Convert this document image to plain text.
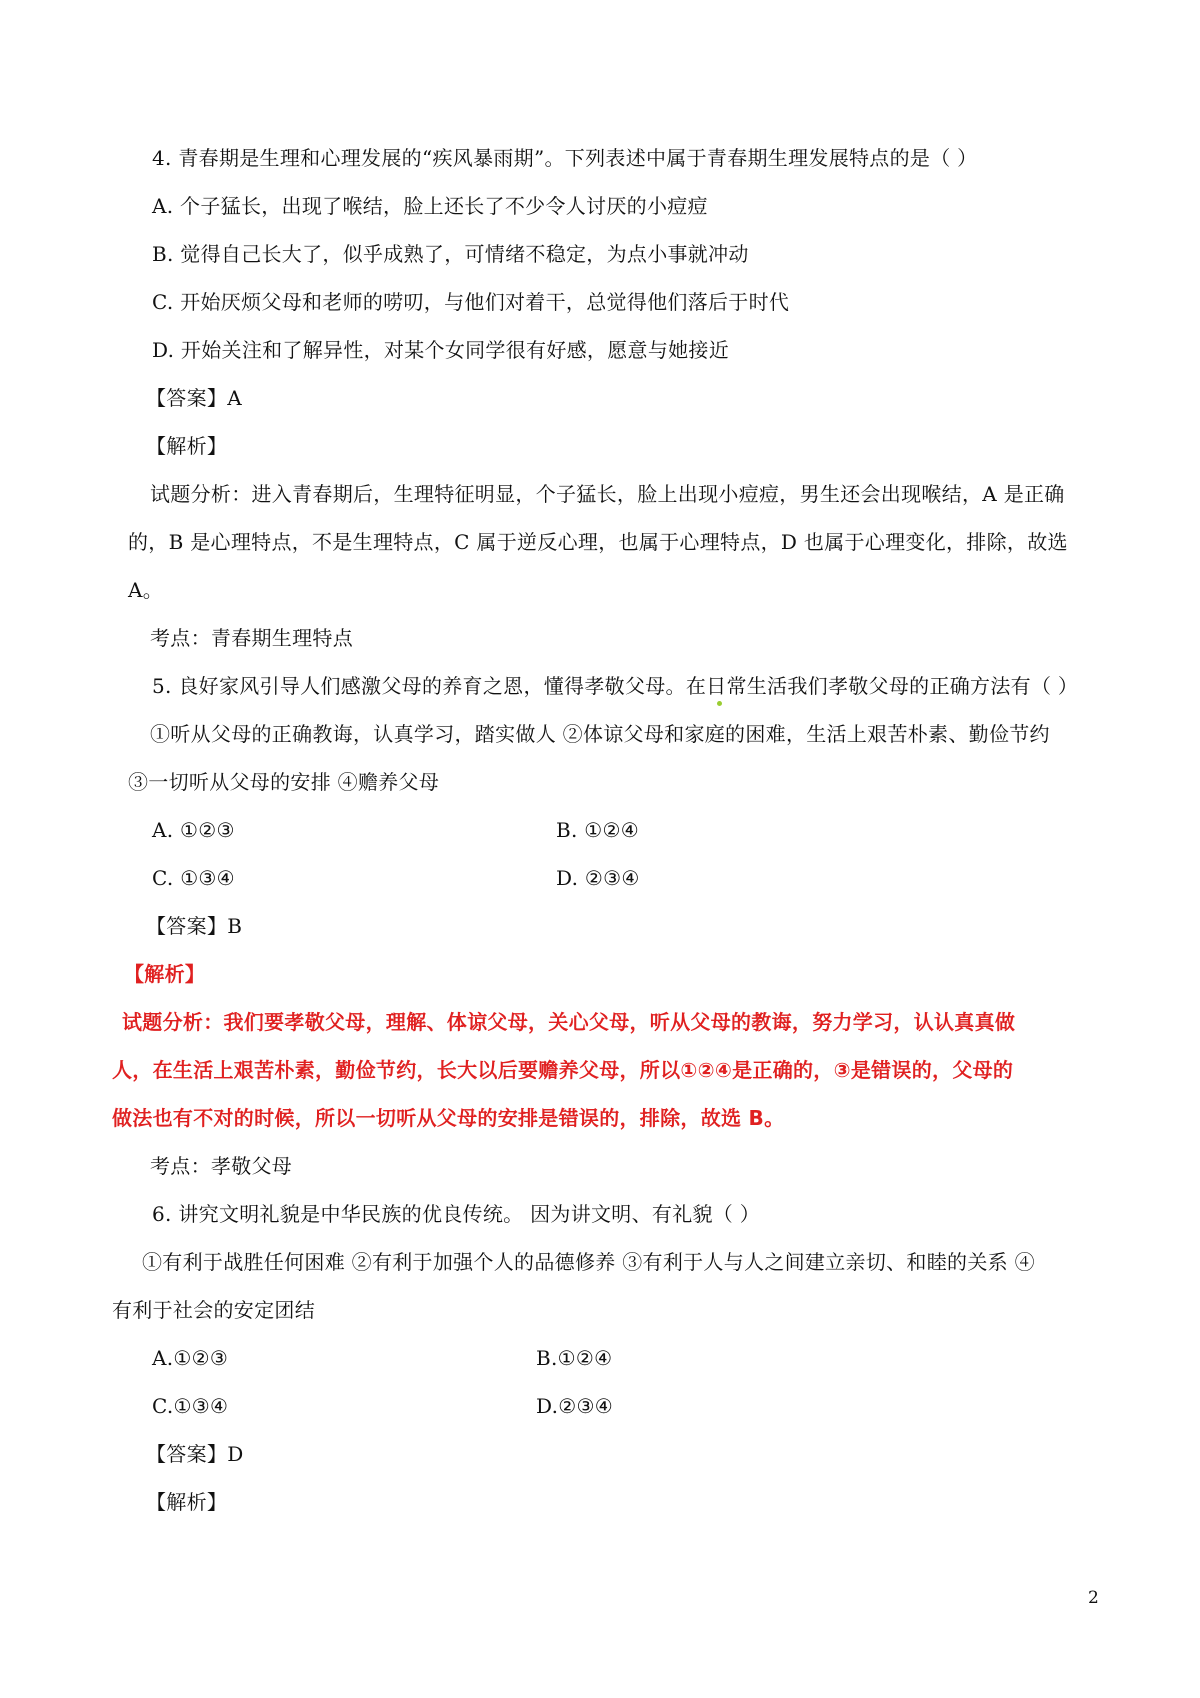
4. 青春期是生理和心理发展的“疾风暴雨期”。下列表述中属于青春期生理发展特点的是（ ）
A. 个子猛长，出现了喉结，脸上还长了不少令人讨厌的小痘痘
B. 觉得自己长大了，似乎成熟了，可情绪不稳定，为点小事就冲动
C. 开始厌烦父母和老师的唠叨，与他们对着干，总觉得他们落后于时代
D. 开始关注和了解异性，对某个女同学很有好感，愿意与她接近
【答案】A
【解析】
试题分析：进入青春期后，生理特征明显，个子猛长，脸上出现小痘痘，男生还会出现喉结，A 是正确
的，B 是心理特点，不是生理特点，C 属于逆反心理，也属于心理特点，D 也属于心理变化，排除，故选
A。
考点：青春期生理特点
5. 良好家风引导人们感激父母的养育之恩，懂得孝敬父母。在日常生活我们孝敬父母的正确方法有（ ）
①听从父母的正确教诲，认真学习，踏实做人 ②体谅父母和家庭的困难，生活上艰苦朴素、勤俭节约
③一切听从父母的安排 ④赡养父母
A. ①②③	B. ①②④
C. ①③④	D. ②③④
【答案】B
【解析】
试题分析：我们要孝敬父母，理解、体谅父母，关心父母，听从父母的教诲，努力学习，认认真真做
人，在生活上艰苦朴素，勤俭节约，长大以后要赡养父母，所以①②④是正确的，③是错误的，父母的
做法也有不对的时候，所以一切听从父母的安排是错误的，排除，故选 B。
考点：孝敬父母
6. 讲究文明礼貌是中华民族的优良传统。 因为讲文明、有礼貌（ ）
①有利于战胜任何困难 ②有利于加强个人的品德修养 ③有利于人与人之间建立亲切、和睦的关系 ④
有利于社会的安定团结
A.①②③	B.①②④
C.①③④	D.②③④
【答案】D
【解析】
2
